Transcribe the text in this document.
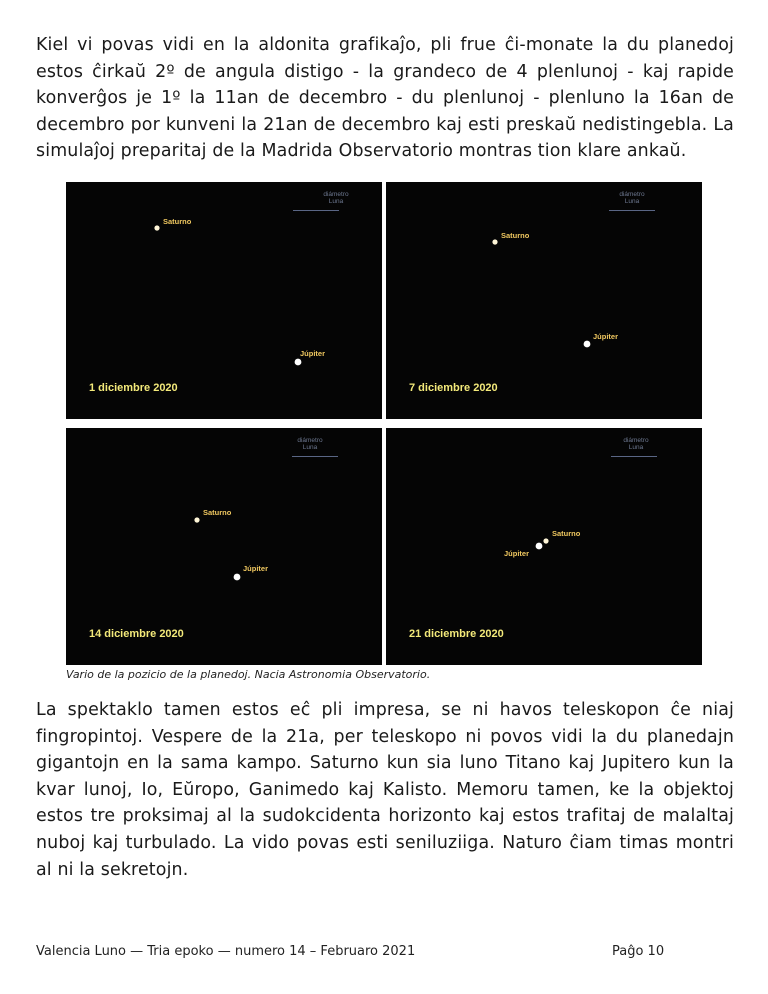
Kiel vi povas vidi en la aldonita grafikaĵo, pli frue ĉi-monate la du planedoj estos ĉirkaŭ 2º de angula distigo - la grandeco de 4 plenlunoj - kaj rapide konverĝos je 1º la 11an de decembro - du plenlunoj - plenluno la 16an de decembro por kunveni la 21an de decembro kaj esti preskaŭ nedistingebla. La simulaĵoj preparitaj de la Madrida Observatorio montras tion klare ankaŭ.

diámetro
Luna
Saturno
Júpiter
1 diciembre 2020
diámetro
Luna
Saturno
Júpiter
7 diciembre 2020
diámetro
Luna
Saturno
Júpiter
14 diciembre 2020
diámetro
Luna
Saturno
Júpiter
21 diciembre 2020

Vario de la pozicio de la planedoj. Nacia Astronomia Observatorio.

La spektaklo tamen estos eĉ pli impresa, se ni havos teleskopon ĉe niaj fingropintoj. Vespere de la 21a, per teleskopo ni povos vidi la du planedajn gigantojn en la sama kampo. Saturno kun sia luno Titano kaj Jupitero kun la kvar lunoj, Io, Eŭropo, Ganimedo kaj Kalisto. Memoru tamen, ke la objektoj estos tre proksimaj al la sudokcidenta horizonto kaj estos trafitaj de malaltaj nuboj kaj turbulado. La vido povas esti seniluziiga. Naturo ĉiam timas montri al ni la sekretojn.

Valencia Luno — Tria epoko — numero 14 – Februaro 2021	Paĝo 10
